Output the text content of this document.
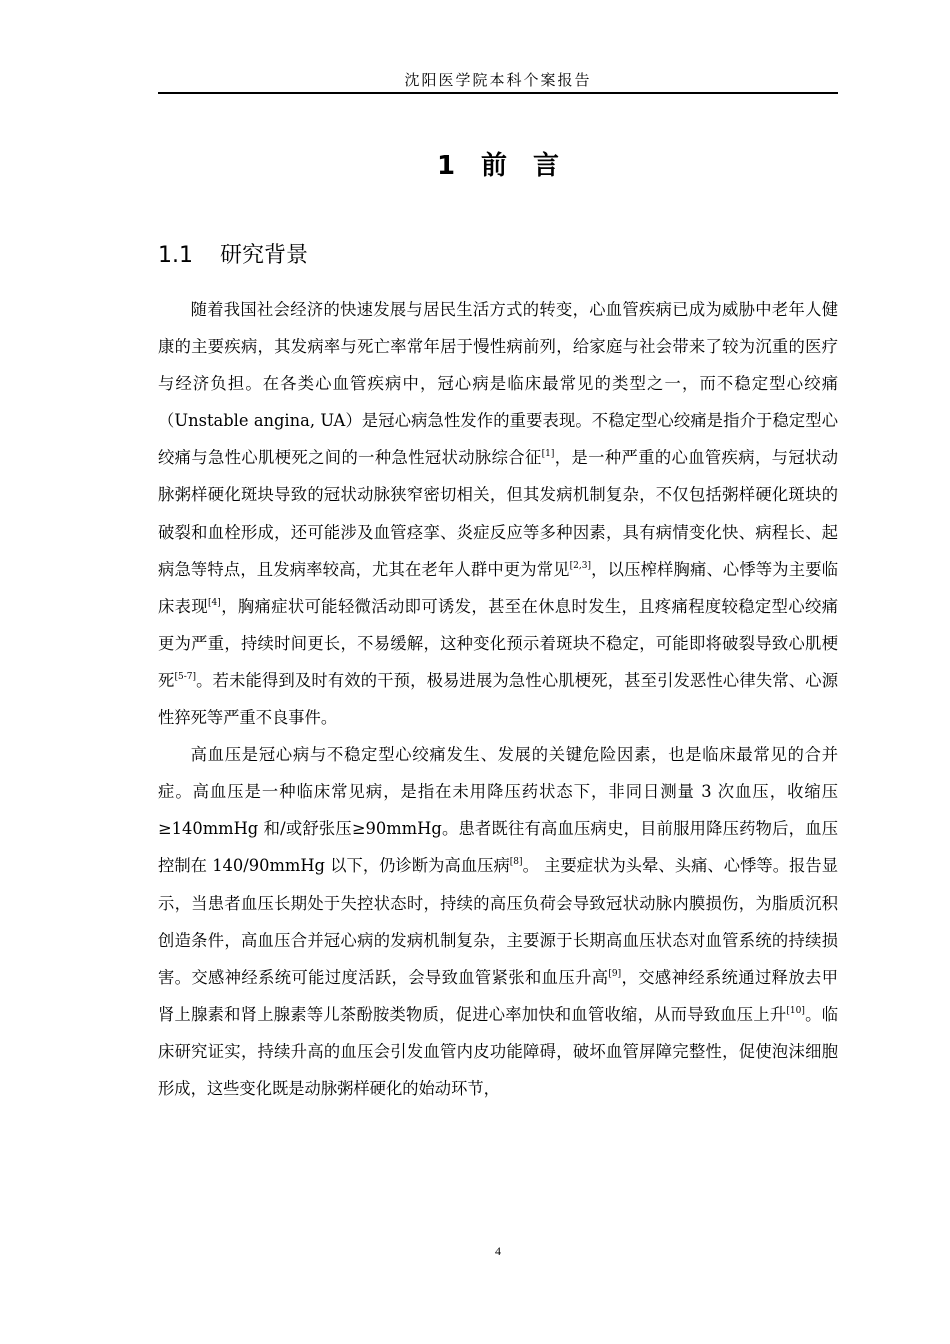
沈阳医学院本科个案报告
1 前 言
1.1 研究背景

随着我国社会经济的快速发展与居民生活方式的转变，心血管疾病已成为威胁中老年人健康的主要疾病，其发病率与死亡率常年居于慢性病前列，给家庭与社会带来了较为沉重的医疗与经济负担。在各类心血管疾病中，冠心病是临床最常见的类型之一，而不稳定型心绞痛（Unstable angina, UA）是冠心病急性发作的重要表现。不稳定型心绞痛是指介于稳定型心绞痛与急性心肌梗死之间的一种急性冠状动脉综合征[1]，是一种严重的心血管疾病，与冠状动脉粥样硬化斑块导致的冠状动脉狭窄密切相关，但其发病机制复杂，不仅包括粥样硬化斑块的破裂和血栓形成，还可能涉及血管痉挛、炎症反应等多种因素，具有病情变化快、病程长、起病急等特点，且发病率较高，尤其在老年人群中更为常见[2,3]，以压榨样胸痛、心悸等为主要临床表现[4]，胸痛症状可能轻微活动即可诱发，甚至在休息时发生，且疼痛程度较稳定型心绞痛更为严重，持续时间更长，不易缓解，这种变化预示着斑块不稳定，可能即将破裂导致心肌梗死[5-7]。若未能得到及时有效的干预，极易进展为急性心肌梗死，甚至引发恶性心律失常、心源性猝死等严重不良事件。

高血压是冠心病与不稳定型心绞痛发生、发展的关键危险因素，也是临床最常见的合并症。高血压是一种临床常见病，是指在未用降压药状态下，非同日测量 3 次血压，收缩压≥140mmHg 和/或舒张压≥90mmHg。患者既往有高血压病史，目前服用降压药物后，血压控制在 140/90mmHg 以下，仍诊断为高血压病[8]。 主要症状为头晕、头痛、心悸等。报告显示，当患者血压长期处于失控状态时，持续的高压负荷会导致冠状动脉内膜损伤，为脂质沉积创造条件，高血压合并冠心病的发病机制复杂，主要源于长期高血压状态对血管系统的持续损害。交感神经系统可能过度活跃，会导致血管紧张和血压升高[9]，交感神经系统通过释放去甲肾上腺素和肾上腺素等儿茶酚胺类物质，促进心率加快和血管收缩，从而导致血压上升[10]。临床研究证实，持续升高的血压会引发血管内皮功能障碍，破坏血管屏障完整性，促使泡沫细胞形成，这些变化既是动脉粥样硬化的始动环节，

4
